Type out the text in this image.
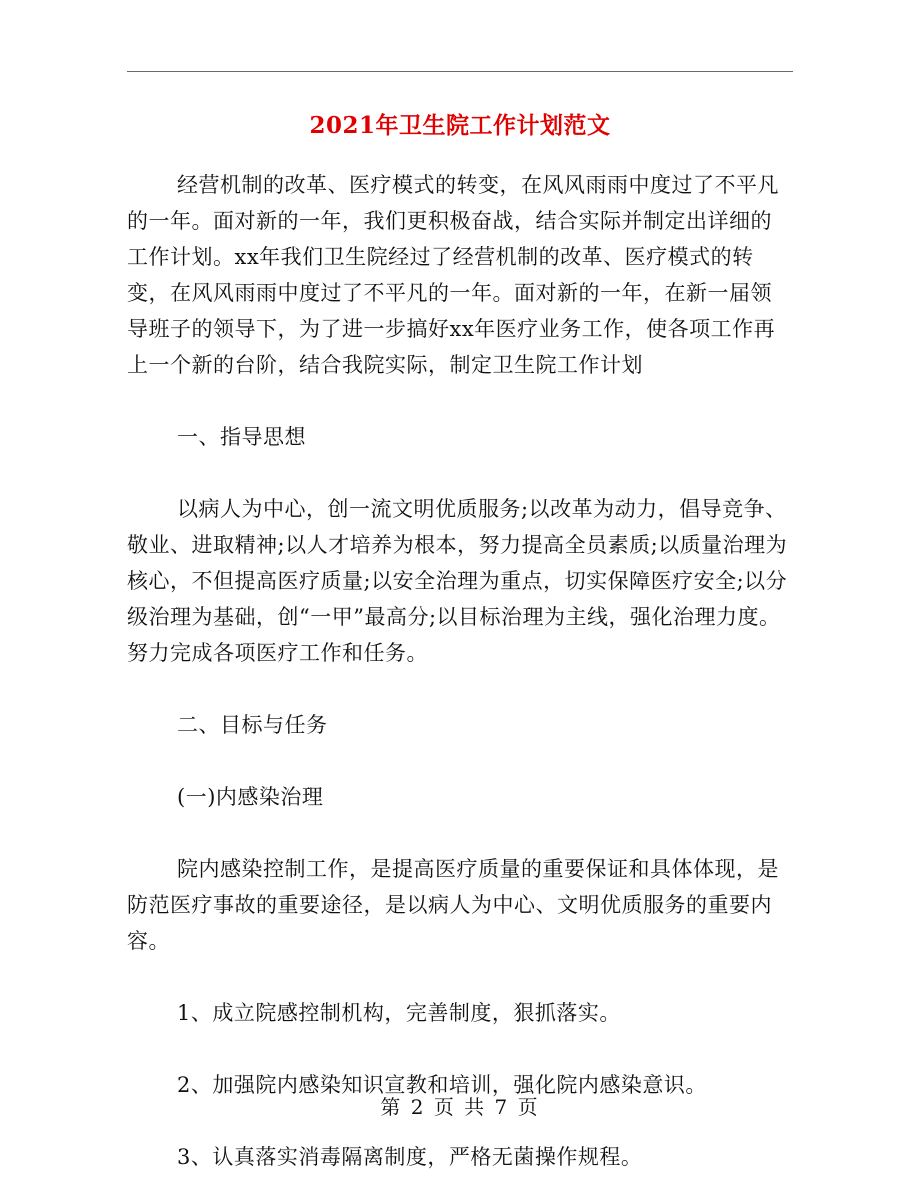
2021年卫生院工作计划范文

经营机制的改革、医疗模式的转变，在风风雨雨中度过了不平凡的一年。面对新的一年，我们更积极奋战，结合实际并制定出详细的工作计划。xx年我们卫生院经过了经营机制的改革、医疗模式的转变，在风风雨雨中度过了不平凡的一年。面对新的一年，在新一届领导班子的领导下，为了进一步搞好xx年医疗业务工作，使各项工作再上一个新的台阶，结合我院实际，制定卫生院工作计划

一、指导思想

以病人为中心，创一流文明优质服务;以改革为动力，倡导竞争、敬业、进取精神;以人才培养为根本，努力提高全员素质;以质量治理为核心，不但提高医疗质量;以安全治理为重点，切实保障医疗安全;以分级治理为基础，创“一甲”最高分;以目标治理为主线，强化治理力度。努力完成各项医疗工作和任务。

二、目标与任务

(一)内感染治理

院内感染控制工作，是提高医疗质量的重要保证和具体体现，是防范医疗事故的重要途径，是以病人为中心、文明优质服务的重要内容。

1、成立院感控制机构，完善制度，狠抓落实。

2、加强院内感染知识宣教和培训，强化院内感染意识。

3、认真落实消毒隔离制度，严格无菌操作规程。

第 2 页 共 7 页
